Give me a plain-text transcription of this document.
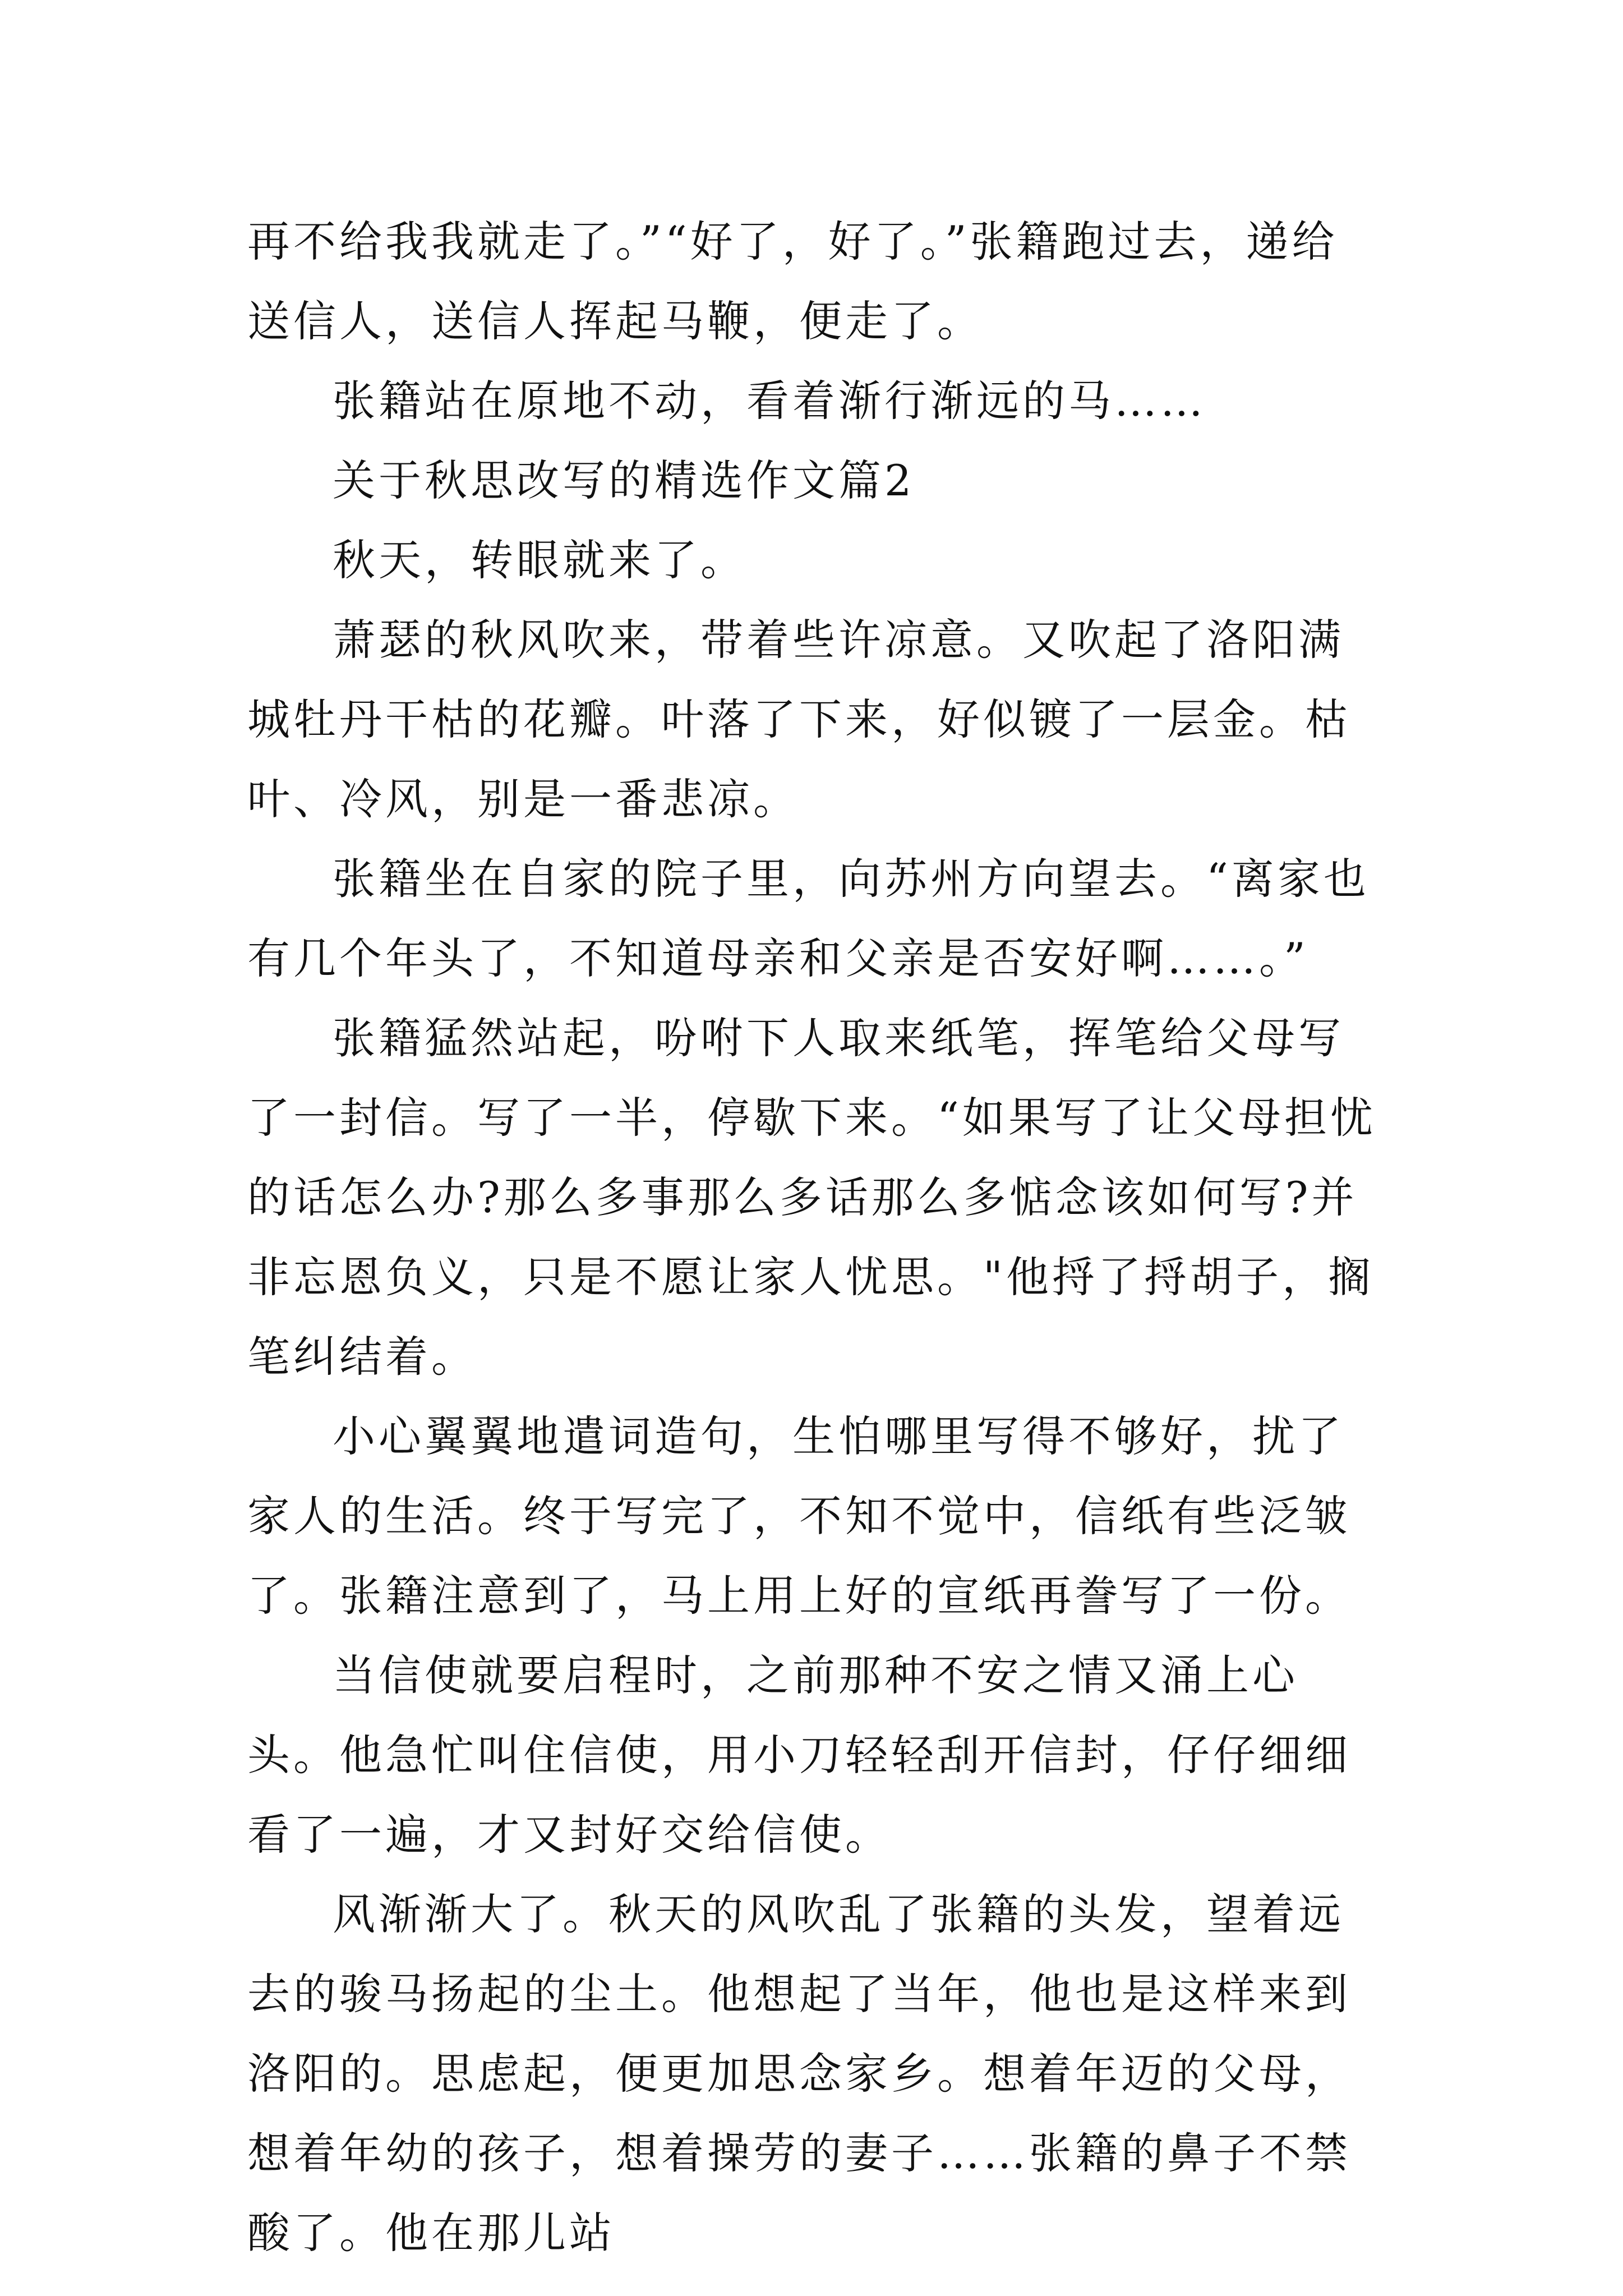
再不给我我就走了。”“好了，好了。”张籍跑过去，递给送信人，送信人挥起马鞭，便走了。

张籍站在原地不动，看着渐行渐远的马……

关于秋思改写的精选作文篇2

秋天，转眼就来了。

萧瑟的秋风吹来，带着些许凉意。又吹起了洛阳满城牡丹干枯的花瓣。叶落了下来，好似镀了一层金。枯叶、冷风，别是一番悲凉。

张籍坐在自家的院子里，向苏州方向望去。“离家也有几个年头了，不知道母亲和父亲是否安好啊……。”

张籍猛然站起，吩咐下人取来纸笔，挥笔给父母写了一封信。写了一半，停歇下来。“如果写了让父母担忧的话怎么办?那么多事那么多话那么多惦念该如何写?并非忘恩负义，只是不愿让家人忧思。"他捋了捋胡子，搁笔纠结着。

小心翼翼地遣词造句，生怕哪里写得不够好，扰了家人的生活。终于写完了，不知不觉中，信纸有些泛皱了。张籍注意到了，马上用上好的宣纸再誊写了一份。

当信使就要启程时，之前那种不安之情又涌上心头。他急忙叫住信使，用小刀轻轻刮开信封，仔仔细细看了一遍，才又封好交给信使。

风渐渐大了。秋天的风吹乱了张籍的头发，望着远去的骏马扬起的尘土。他想起了当年，他也是这样来到洛阳的。思虑起，便更加思念家乡。想着年迈的父母，想着年幼的孩子，想着操劳的妻子……张籍的鼻子不禁酸了。他在那儿站
